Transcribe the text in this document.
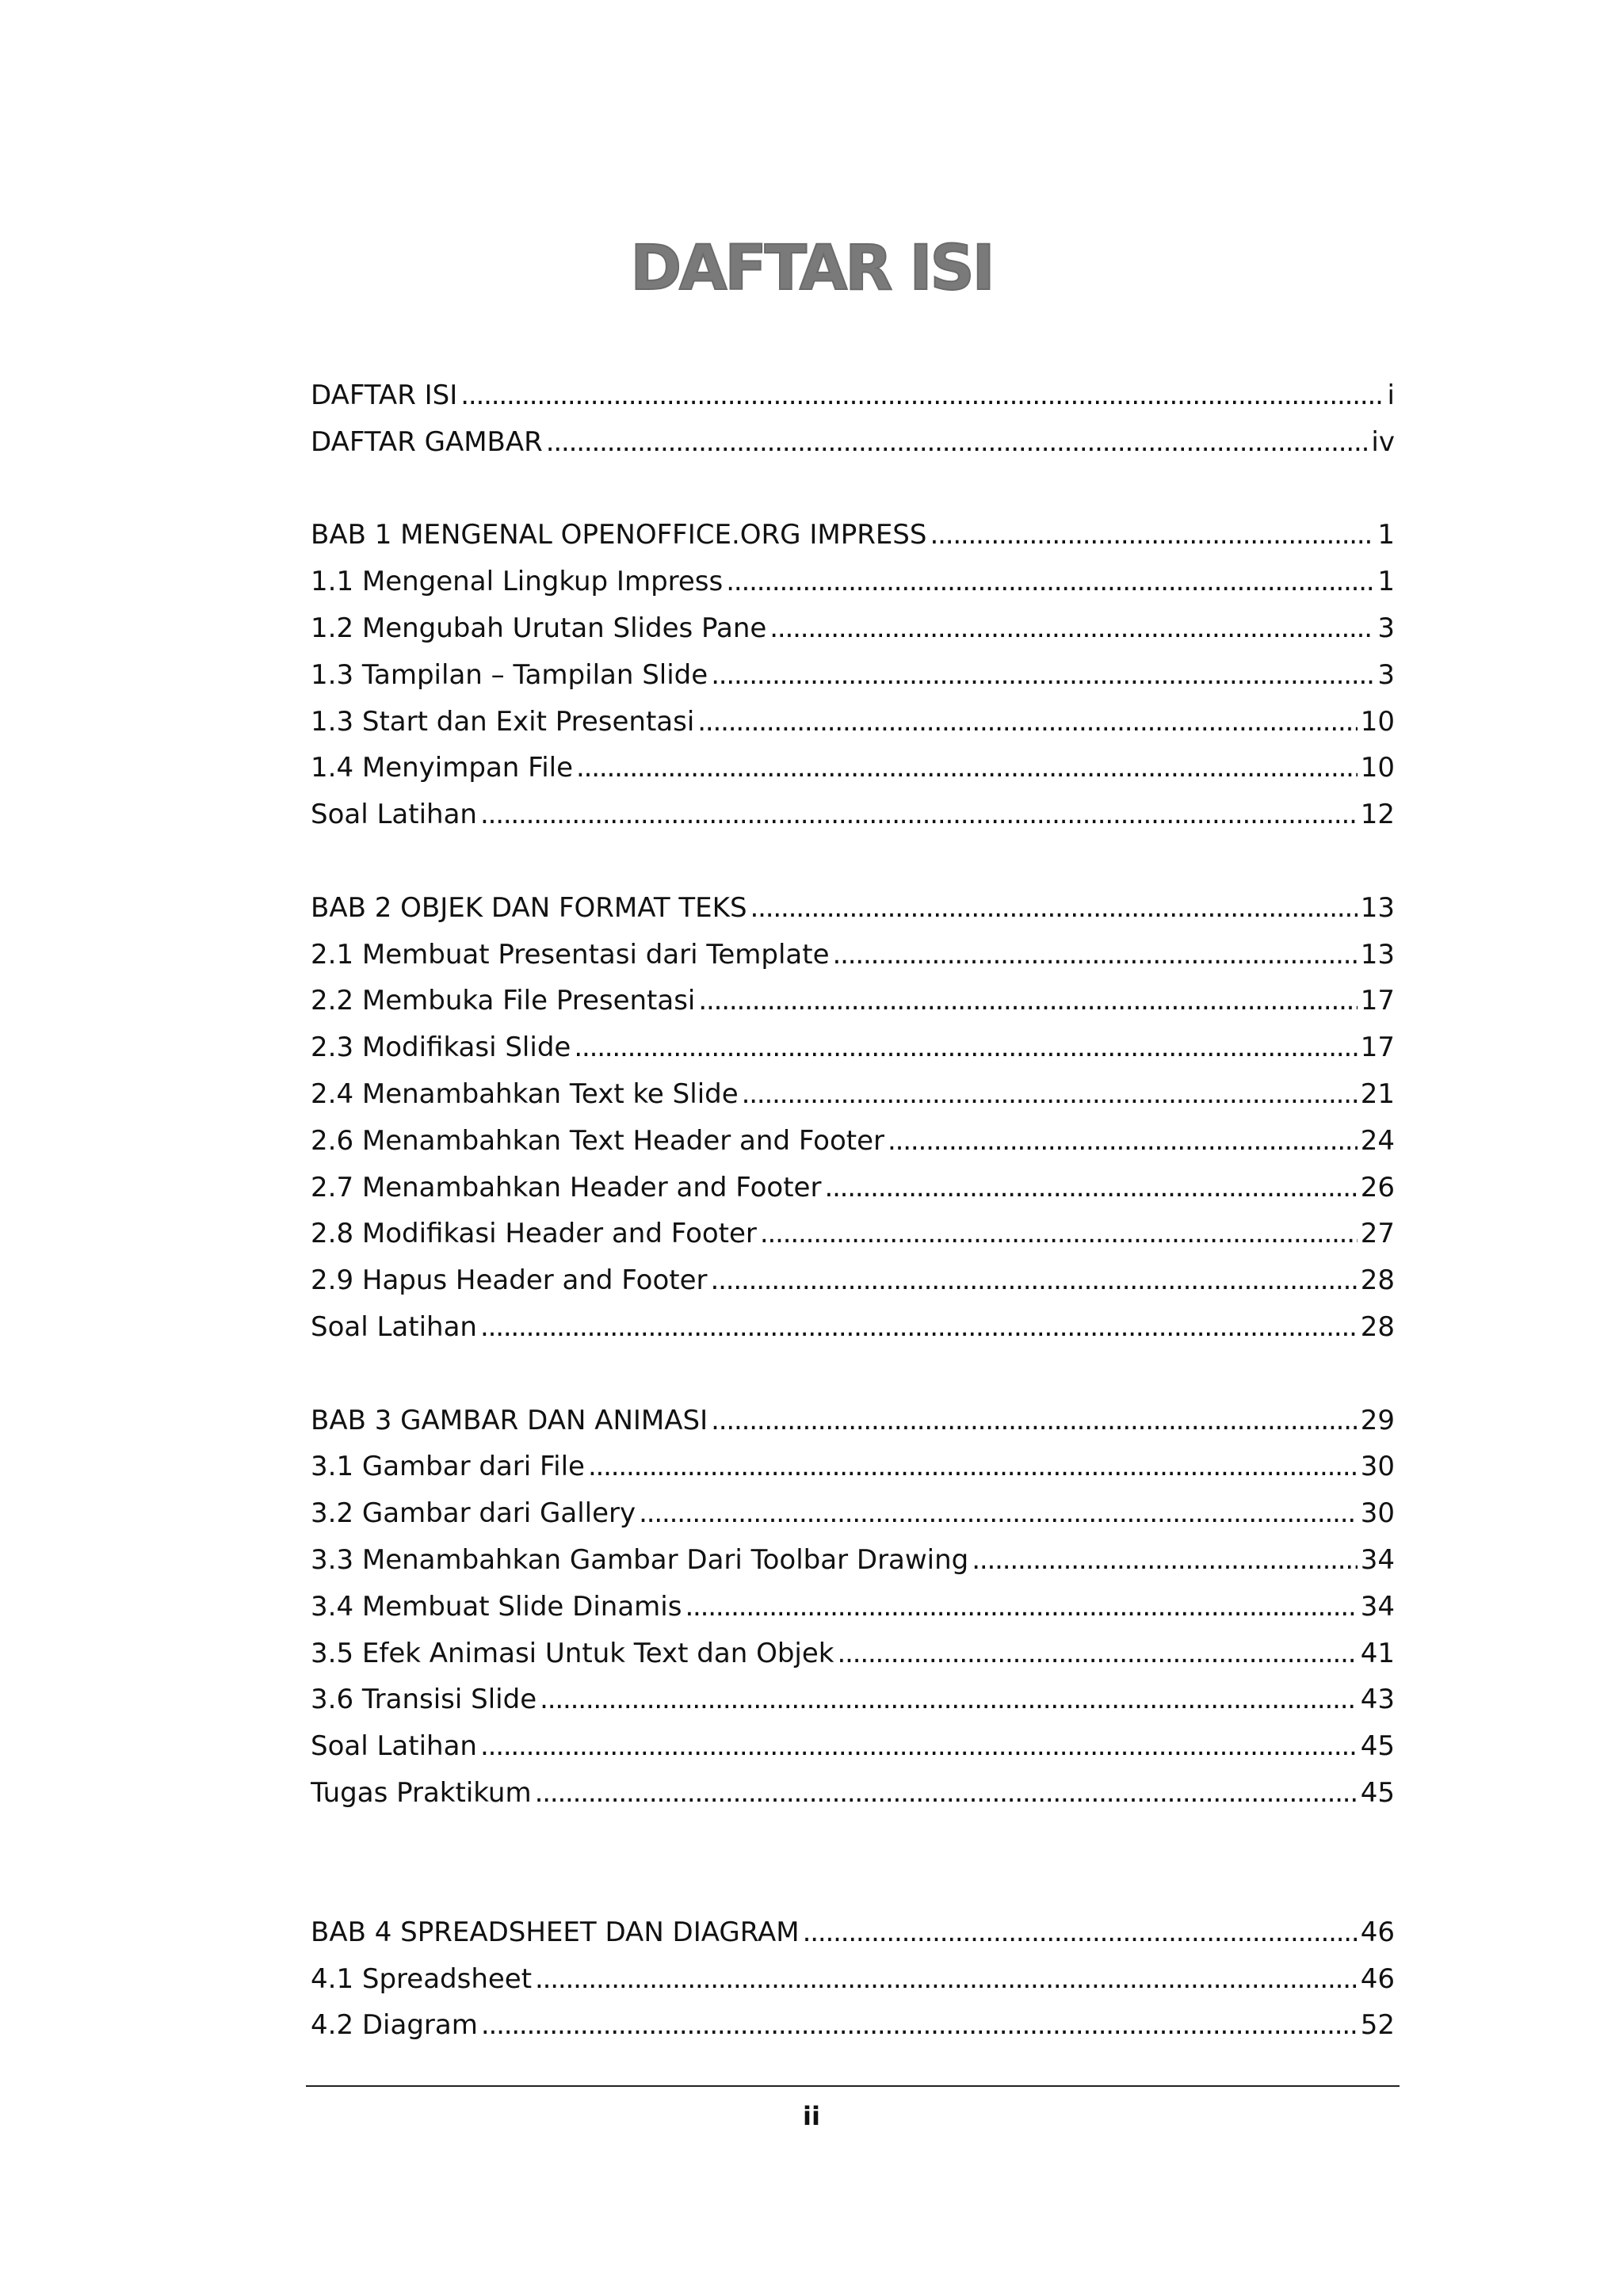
DAFTAR ISI
DAFTAR ISI . . .	i
DAFTAR GAMBAR . . .	iv
BAB 1 MENGENAL OPENOFFICE.ORG IMPRESS . . .	1
1.1 Mengenal Lingkup Impress . . .	1
1.2 Mengubah Urutan Slides Pane . . .	3
1.3 Tampilan – Tampilan Slide . . .	3
1.3 Start dan Exit Presentasi . . .	10
1.4 Menyimpan File . . .	10
Soal Latihan . . .	12
BAB 2 OBJEK DAN FORMAT TEKS . . .	13
2.1 Membuat Presentasi dari Template . . .	13
2.2 Membuka File Presentasi . . .	17
2.3 Modifikasi Slide . . .	17
2.4 Menambahkan Text ke Slide . . .	21
2.6 Menambahkan Text Header and Footer . . .	24
2.7 Menambahkan Header and Footer . . .	26
2.8 Modifikasi Header and Footer . . .	27
2.9 Hapus Header and Footer . . .	28
Soal Latihan . . .	28
BAB 3 GAMBAR DAN ANIMASI . . .	29
3.1 Gambar dari File . . .	30
3.2 Gambar dari Gallery . . .	30
3.3 Menambahkan Gambar Dari Toolbar Drawing . . .	34
3.4 Membuat Slide Dinamis . . .	34
3.5 Efek Animasi Untuk Text dan Objek . . .	41
3.6 Transisi Slide . . .	43
Soal Latihan . . .	45
Tugas Praktikum . . .	45
BAB 4 SPREADSHEET DAN DIAGRAM . . .	46
4.1 Spreadsheet . . .	46
4.2 Diagram . . .	52
ii
